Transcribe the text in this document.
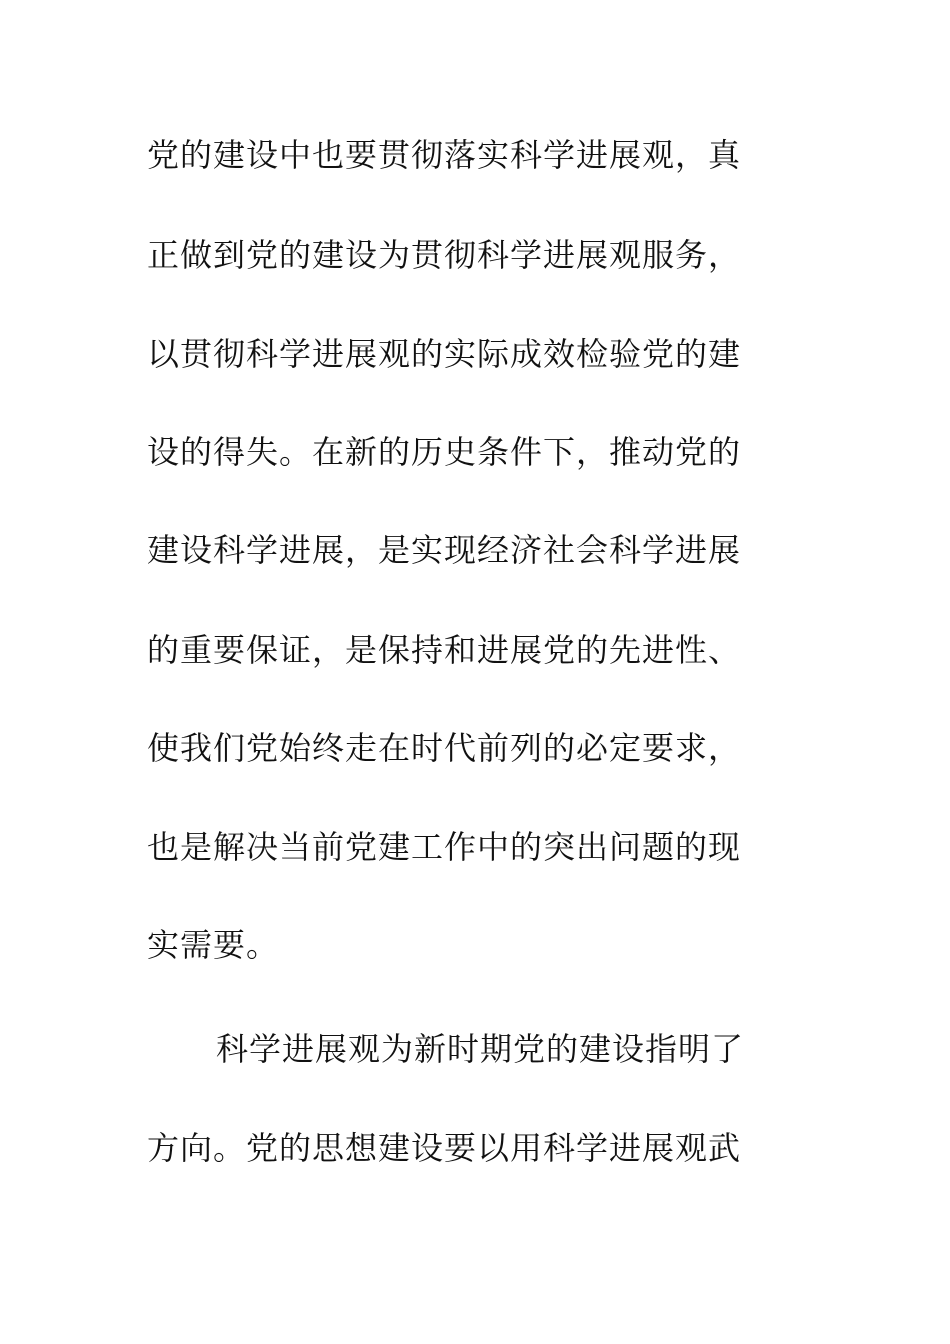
党的建设中也要贯彻落实科学进展观，真
正做到党的建设为贯彻科学进展观服务，
以贯彻科学进展观的实际成效检验党的建
设的得失。在新的历史条件下，推动党的
建设科学进展，是实现经济社会科学进展
的重要保证，是保持和进展党的先进性、
使我们党始终走在时代前列的必定要求，
也是解决当前党建工作中的突出问题的现
实需要。
科学进展观为新时期党的建设指明了
方向。党的思想建设要以用科学进展观武
